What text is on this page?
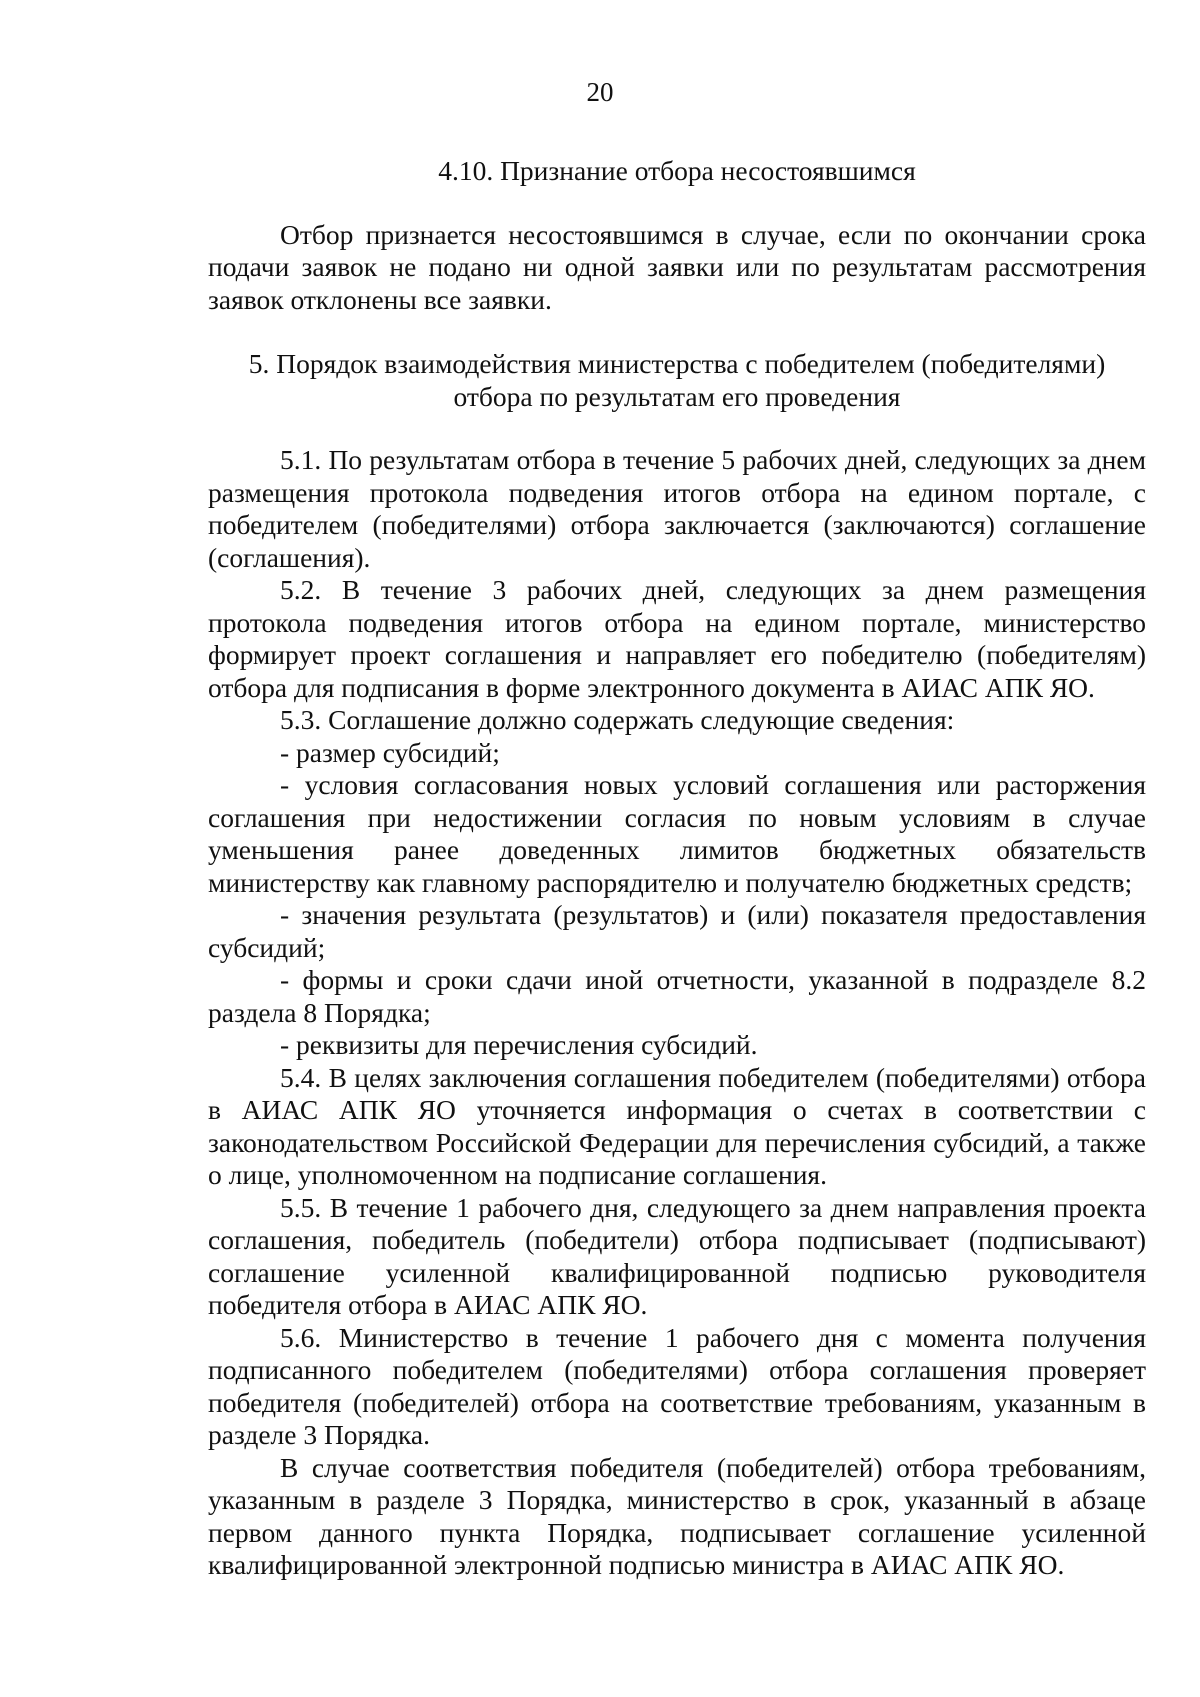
20

4.10. Признание отбора несостоявшимся

Отбор признается несостоявшимся в случае, если по окончании срока подачи заявок не подано ни одной заявки или по результатам рассмотрения заявок отклонены все заявки.

5. Порядок взаимодействия министерства с победителем (победителями)

отбора по результатам его проведения

5.1. По результатам отбора в течение 5 рабочих дней, следующих за днем размещения протокола подведения итогов отбора на едином портале, с победителем (победителями) отбора заключается (заключаются) соглашение (соглашения).

5.2. В течение 3 рабочих дней, следующих за днем размещения протокола подведения итогов отбора на едином портале, министерство формирует проект соглашения и направляет его победителю (победителям) отбора для подписания в форме электронного документа в АИАС АПК ЯО.

5.3. Соглашение должно содержать следующие сведения:

- размер субсидий;

- условия согласования новых условий соглашения или расторжения соглашения при недостижении согласия по новым условиям в случае уменьшения ранее доведенных лимитов бюджетных обязательств министерству как главному распорядителю и получателю бюджетных средств;

- значения результата (результатов) и (или) показателя предоставления субсидий;

- формы и сроки сдачи иной отчетности, указанной в подразделе 8.2 раздела 8 Порядка;

- реквизиты для перечисления субсидий.

5.4. В целях заключения соглашения победителем (победителями) отбора в АИАС АПК ЯО уточняется информация о счетах в соответствии с законодательством Российской Федерации для перечисления субсидий, а также о лице, уполномоченном на подписание соглашения.

5.5. В течение 1 рабочего дня, следующего за днем направления проекта соглашения, победитель (победители) отбора подписывает (подписывают) соглашение усиленной квалифицированной подписью руководителя победителя отбора в АИАС АПК ЯО.

5.6. Министерство в течение 1 рабочего дня с момента получения подписанного победителем (победителями) отбора соглашения проверяет победителя (победителей) отбора на соответствие требованиям, указанным в разделе 3 Порядка.

В случае соответствия победителя (победителей) отбора требованиям, указанным в разделе 3 Порядка, министерство в срок, указанный в абзаце первом данного пункта Порядка, подписывает соглашение усиленной квалифицированной электронной подписью министра в АИАС АПК ЯО.
